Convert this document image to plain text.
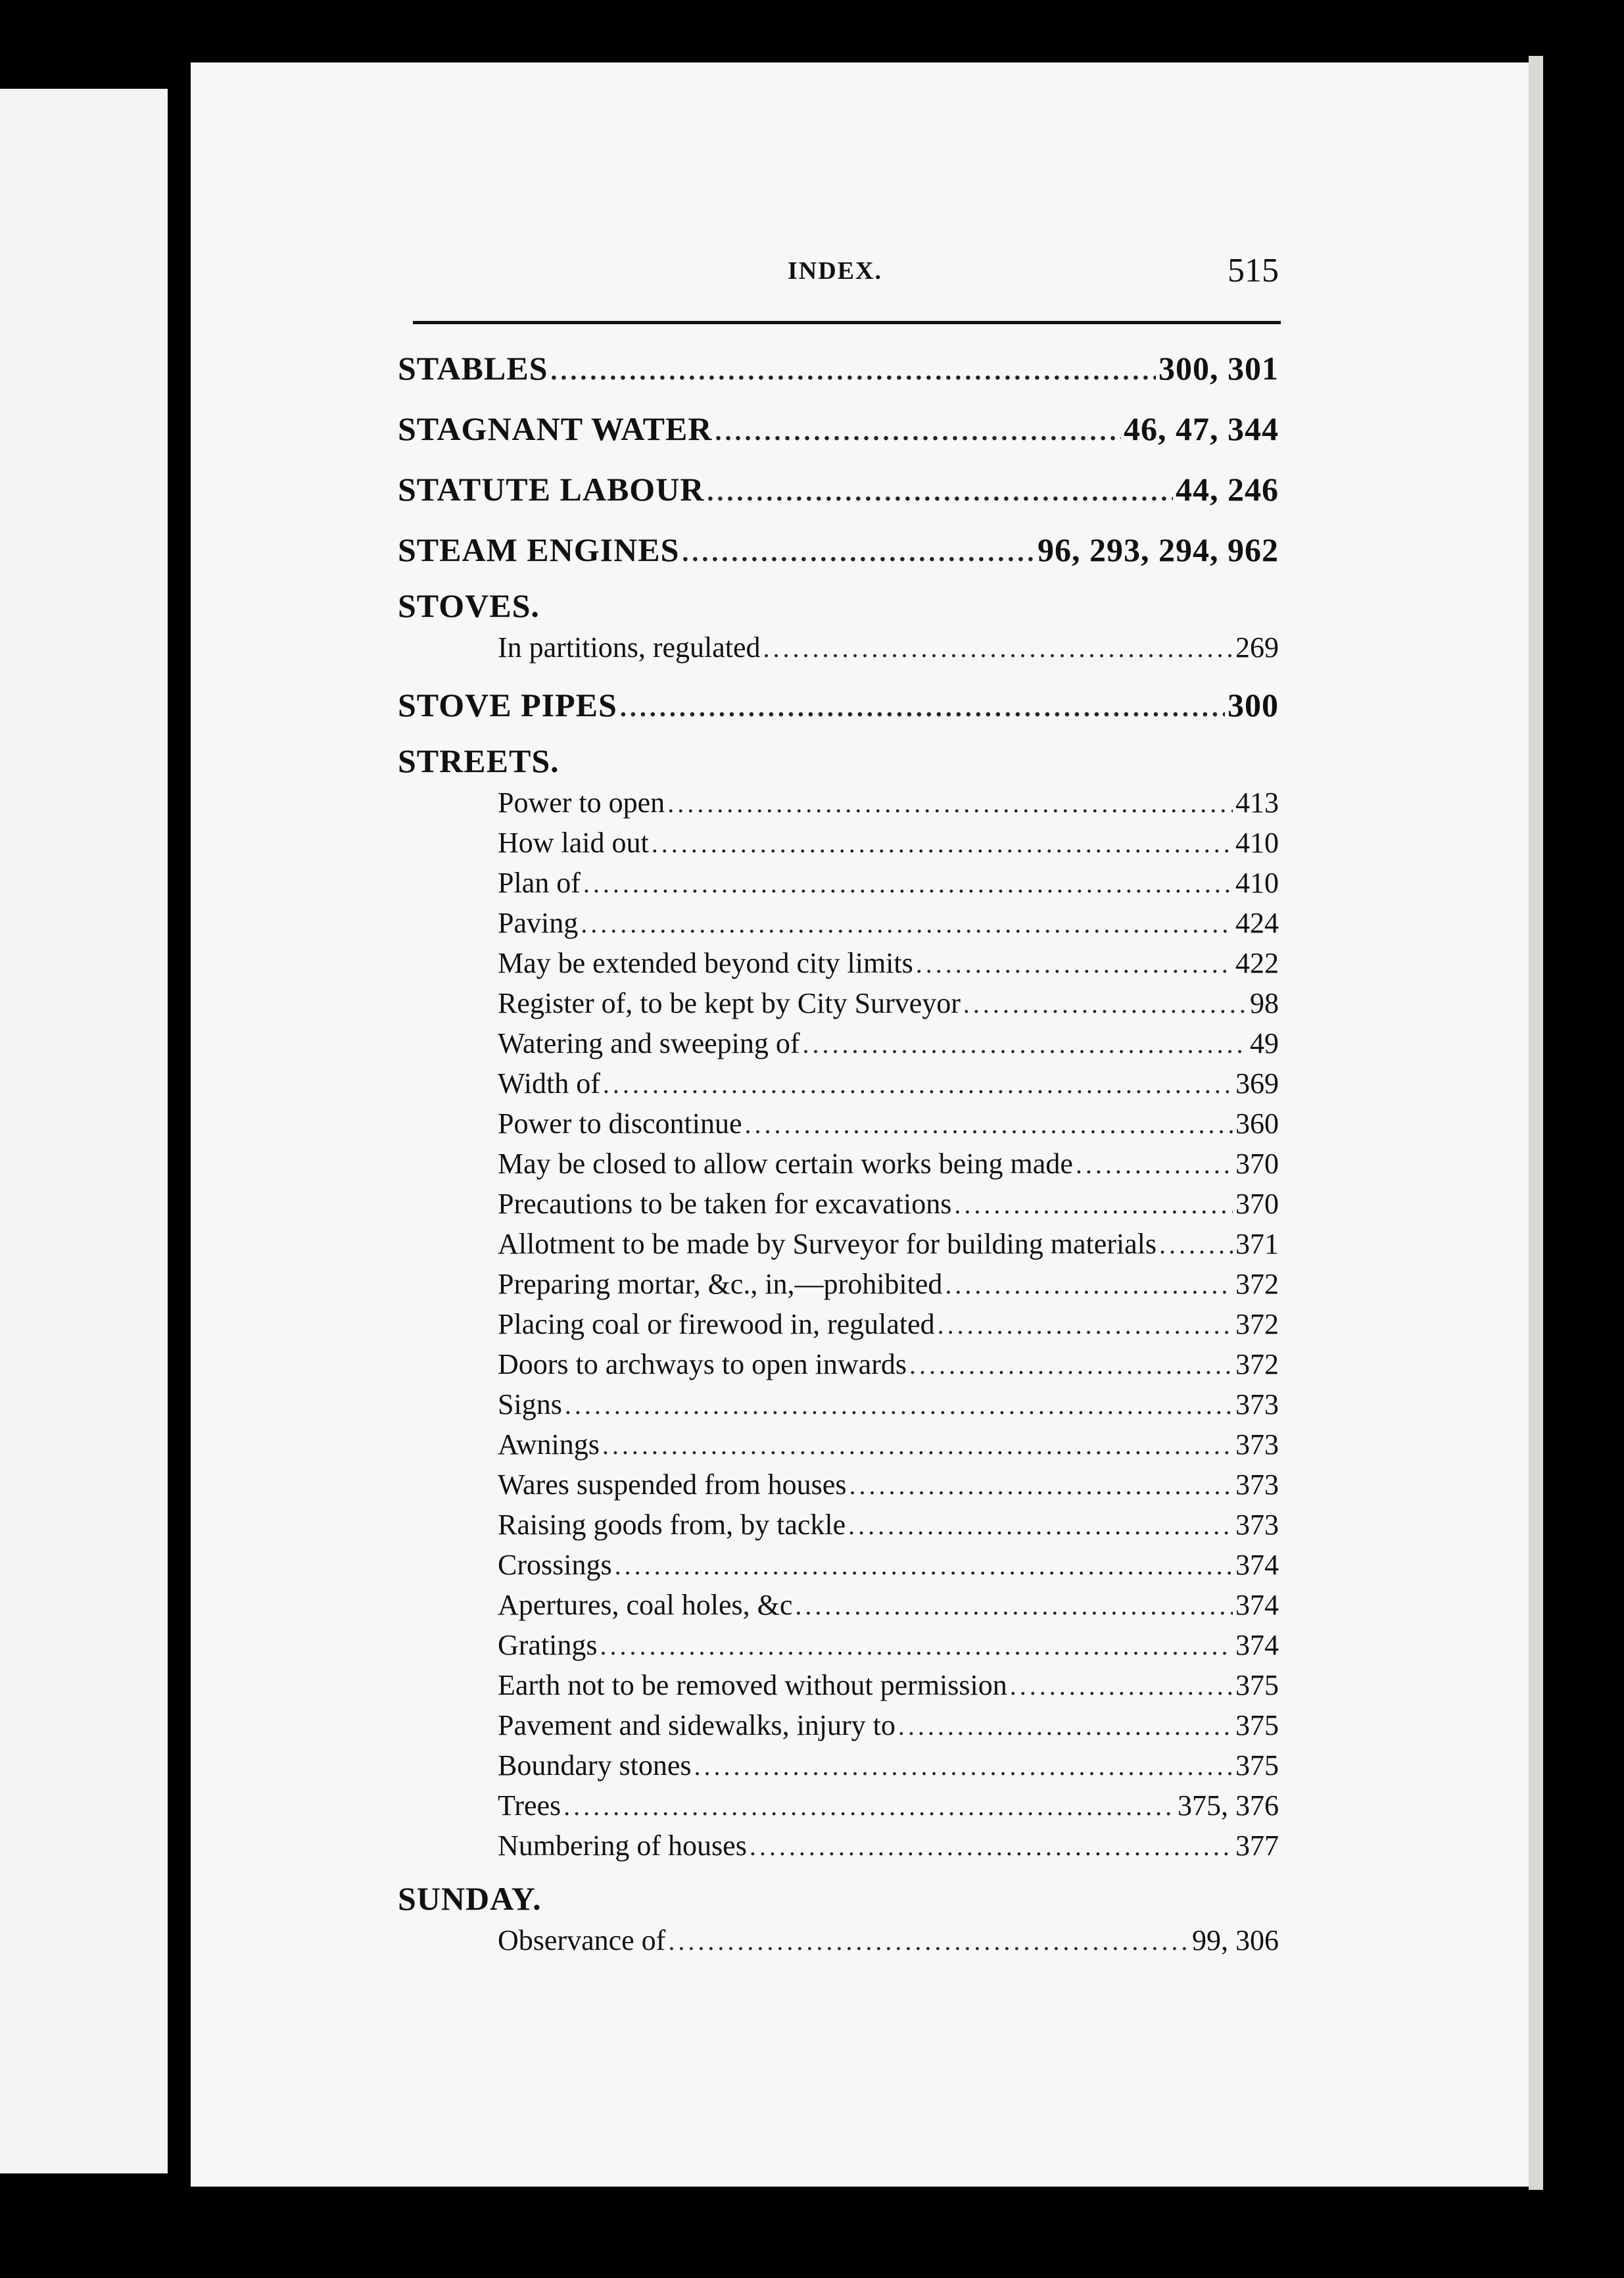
INDEX.	515
STABLES .....	300, 301
STAGNANT WATER .....	46, 47, 344
STATUTE LABOUR .....	44, 246
STEAM ENGINES .....	96, 293, 294, 962
STOVES.
In partitions, regulated .....	269
STOVE PIPES .....	300
STREETS.
Power to open .....	413
How laid out .....	410
Plan of .....	410
Paving .....	424
May be extended beyond city limits .....	422
Register of, to be kept by City Surveyor .....	98
Watering and sweeping of .....	49
Width of .....	369
Power to discontinue .....	360
May be closed to allow certain works being made .....	370
Precautions to be taken for excavations .....	370
Allotment to be made by Surveyor for building materials .....	371
Preparing mortar, &c., in,—prohibited .....	372
Placing coal or firewood in, regulated .....	372
Doors to archways to open inwards .....	372
Signs .....	373
Awnings .....	373
Wares suspended from houses .....	373
Raising goods from, by tackle .....	373
Crossings .....	374
Apertures, coal holes, &c .....	374
Gratings .....	374
Earth not to be removed without permission .....	375
Pavement and sidewalks, injury to .....	375
Boundary stones .....	375
Trees .....	375, 376
Numbering of houses .....	377
SUNDAY.
Observance of .....	99, 306
